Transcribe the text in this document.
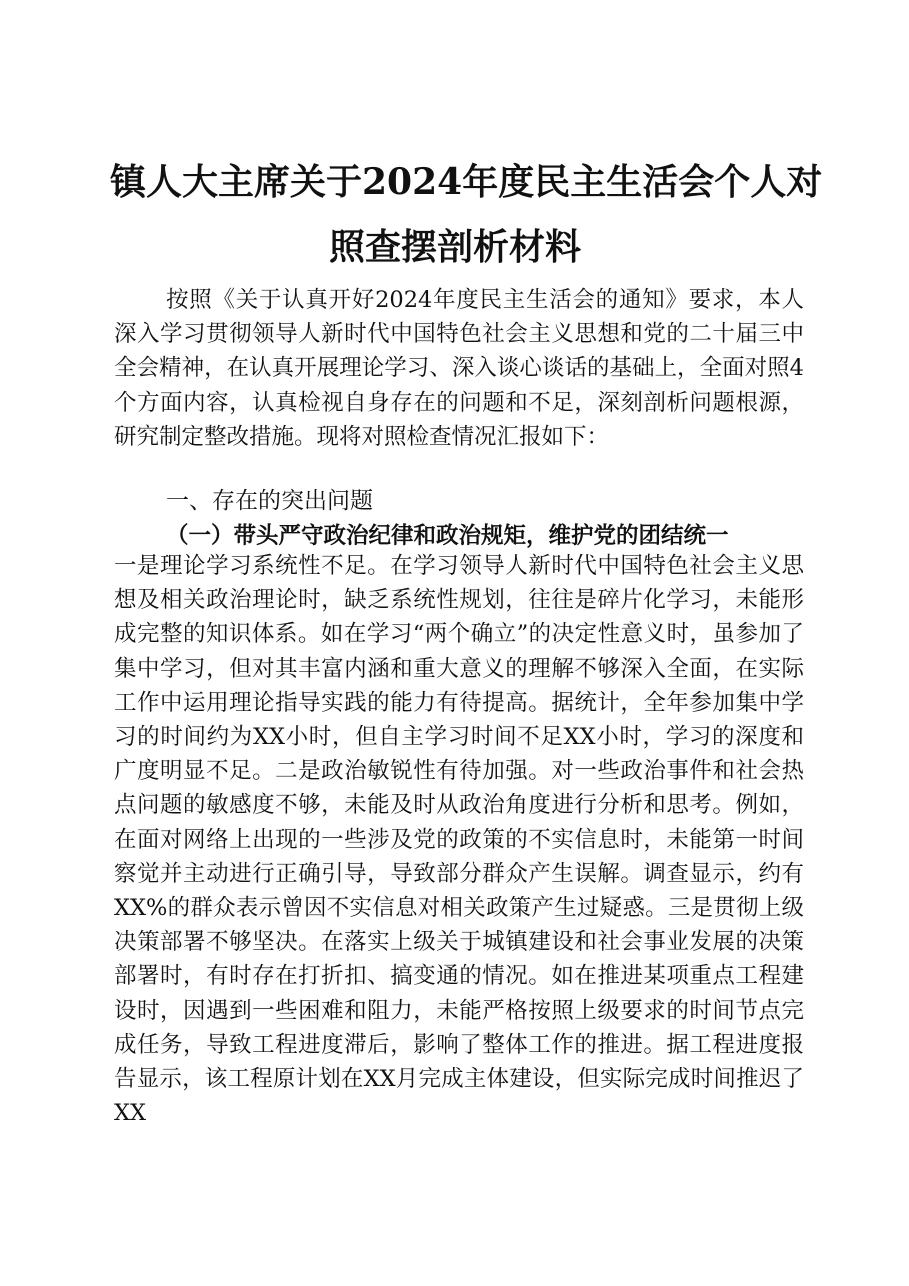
镇人大主席关于2024年度民主生活会个人对
照查摆剖析材料
按照《关于认真开好2024年度民主生活会的通知》要求，本人深入学习贯彻领导人新时代中国特色社会主义思想和党的二十届三中全会精神，在认真开展理论学习、深入谈心谈话的基础上，全面对照4个方面内容，认真检视自身存在的问题和不足，深刻剖析问题根源，研究制定整改措施。现将对照检查情况汇报如下：
一、存在的突出问题
（一）带头严守政治纪律和政治规矩，维护党的团结统一
一是理论学习系统性不足。在学习领导人新时代中国特色社会主义思想及相关政治理论时，缺乏系统性规划，往往是碎片化学习，未能形成完整的知识体系。如在学习“两个确立”的决定性意义时，虽参加了集中学习，但对其丰富内涵和重大意义的理解不够深入全面，在实际工作中运用理论指导实践的能力有待提高。据统计，全年参加集中学习的时间约为XX小时，但自主学习时间不足XX小时，学习的深度和广度明显不足。二是政治敏锐性有待加强。对一些政治事件和社会热点问题的敏感度不够，未能及时从政治角度进行分析和思考。例如，在面对网络上出现的一些涉及党的政策的不实信息时，未能第一时间察觉并主动进行正确引导，导致部分群众产生误解。调查显示，约有XX%的群众表示曾因不实信息对相关政策产生过疑惑。三是贯彻上级决策部署不够坚决。在落实上级关于城镇建设和社会事业发展的决策部署时，有时存在打折扣、搞变通的情况。如在推进某项重点工程建设时，因遇到一些困难和阻力，未能严格按照上级要求的时间节点完成任务，导致工程进度滞后，影响了整体工作的推进。据工程进度报告显示，该工程原计划在XX月完成主体建设，但实际完成时间推迟了XX
